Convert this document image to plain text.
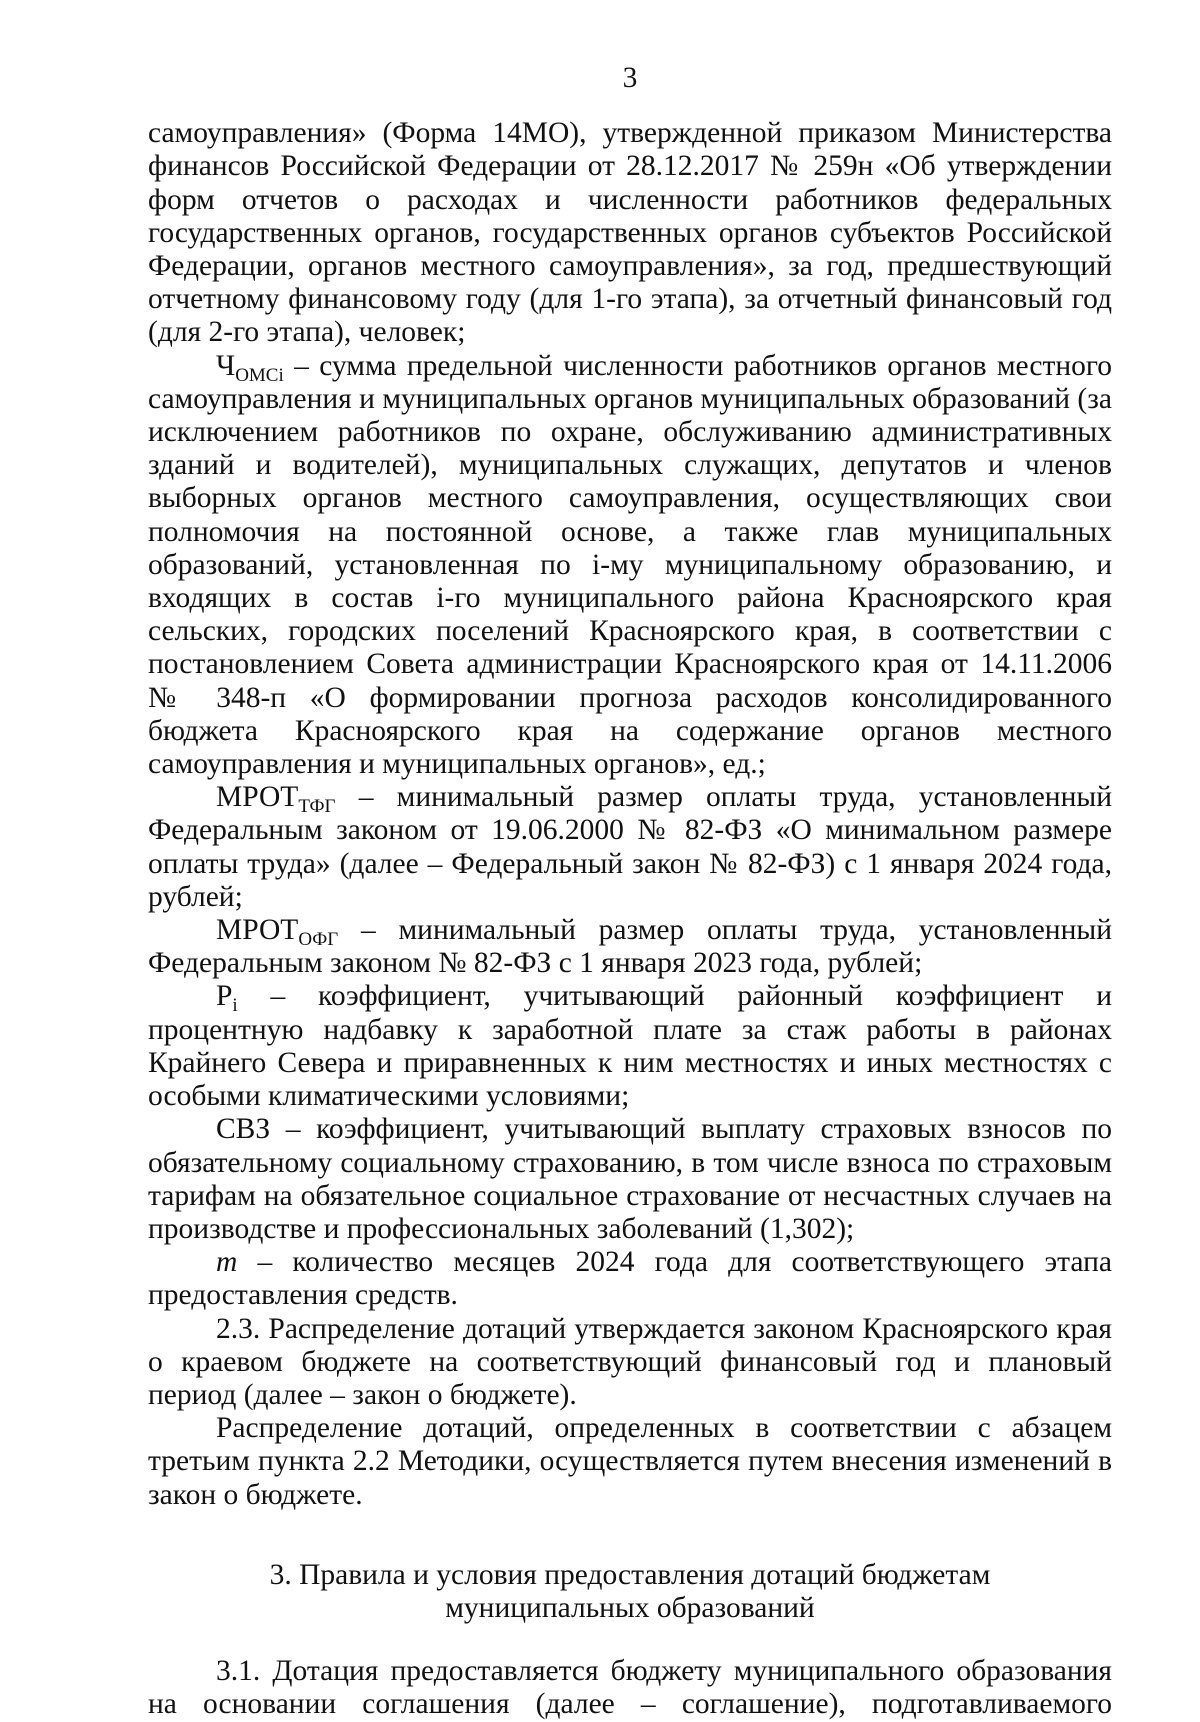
3

самоуправления» (Форма 14МО), утвержденной приказом Министерства финансов Российской Федерации от 28.12.2017 № 259н «Об утверждении форм отчетов о расходах и численности работников федеральных государственных органов, государственных органов субъектов Российской Федерации, органов местного самоуправления», за год, предшествующий отчетному финансовому году (для 1-го этапа), за отчетный финансовый год (для 2-го этапа), человек;

$Ч_{OMCi}$ – сумма предельной численности работников органов местного самоуправления и муниципальных органов муниципальных образований (за исключением работников по охране, обслуживанию административных зданий и водителей), муниципальных служащих, депутатов и членов выборных органов местного самоуправления, осуществляющих свои полномочия на постоянной основе, а также глав муниципальных образований, установленная по i-му муниципальному образованию, и входящих в состав i-го муниципального района Красноярского края сельских, городских поселений Красноярского края, в соответствии с постановлением Совета администрации Красноярского края от 14.11.2006 № 348-п «О формировании прогноза расходов консолидированного бюджета Красноярского края на содержание органов местного самоуправления и муниципальных органов», ед.;

$МРОТ_{ТФГ}$ – минимальный размер оплаты труда, установленный Федеральным законом от 19.06.2000 № 82-ФЗ «О минимальном размере оплаты труда» (далее – Федеральный закон № 82-ФЗ) с 1 января 2024 года, рублей;

$МРОТ_{ОФГ}$ – минимальный размер оплаты труда, установленный Федеральным законом № 82-ФЗ с 1 января 2023 года, рублей;

$P_i$ – коэффициент, учитывающий районный коэффициент и процентную надбавку к заработной плате за стаж работы в районах Крайнего Севера и приравненных к ним местностях и иных местностях с особыми климатическими условиями;

СВЗ – коэффициент, учитывающий выплату страховых взносов по обязательному социальному страхованию, в том числе взноса по страховым тарифам на обязательное социальное страхование от несчастных случаев на производстве и профессиональных заболеваний (1,302);

m – количество месяцев 2024 года для соответствующего этапа предоставления средств.

2.3. Распределение дотаций утверждается законом Красноярского края о краевом бюджете на соответствующий финансовый год и плановый период (далее – закон о бюджете).

Распределение дотаций, определенных в соответствии с абзацем третьим пункта 2.2 Методики, осуществляется путем внесения изменений в закон о бюджете.

3. Правила и условия предоставления дотаций бюджетам
муниципальных образований

3.1. Дотация предоставляется бюджету муниципального образования на основании соглашения (далее – соглашение), подготавливаемого
